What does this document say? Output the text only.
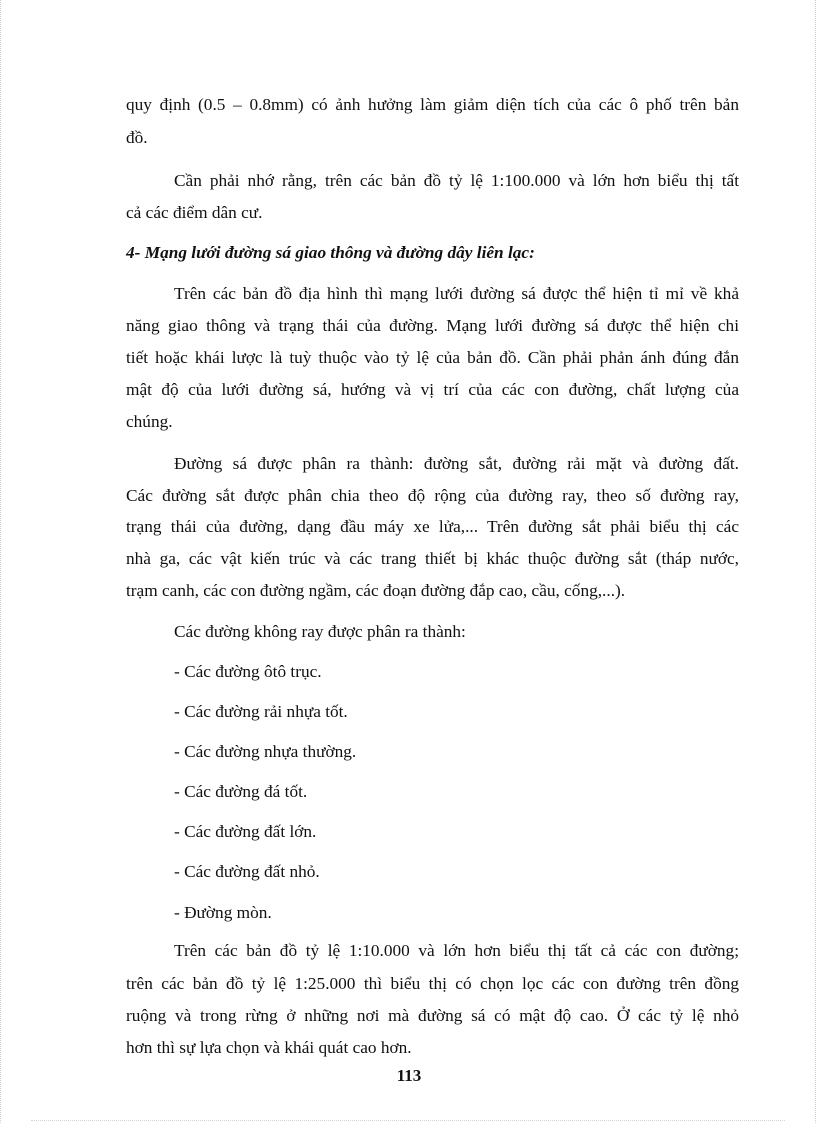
quy định (0.5 – 0.8mm) có ảnh hưởng làm giảm diện tích của các ô phố trên bản
đồ.
Cần phải nhớ rằng, trên các bản đồ tỷ lệ 1:100.000 và lớn hơn biểu thị tất
cả các điểm dân cư.
4- Mạng lưới đường sá giao thông và đường dây liên lạc:
Trên các bản đồ địa hình thì mạng lưới đường sá được thể hiện tỉ mỉ về khả
năng giao thông và trạng thái của đường. Mạng lưới đường sá được thể hiện chi
tiết hoặc khái lược là tuỳ thuộc vào tỷ lệ của bản đồ. Cần phải phản ánh đúng đắn
mật độ của lưới đường sá, hướng và vị trí của các con đường, chất lượng của
chúng.
Đường sá được phân ra thành: đường sắt, đường rải mặt và đường đất.
Các đường sắt được phân chia theo độ rộng của đường ray, theo số đường ray,
trạng thái của đường, dạng đầu máy xe lửa,... Trên đường sắt phải biểu thị các
nhà ga, các vật kiến trúc và các trang thiết bị khác thuộc đường sắt (tháp nước,
trạm canh, các con đường ngầm, các đoạn đường đắp cao, cầu, cống,...).
Các đường không ray được phân ra thành:
- Các đường ôtô trục.
- Các đường rải nhựa tốt.
- Các đường nhựa thường.
- Các đường đá tốt.
- Các đường đất lớn.
- Các đường đất nhỏ.
- Đường mòn.
Trên các bản đồ tỷ lệ 1:10.000 và lớn hơn biểu thị tất cả các con đường;
trên các bản đồ tỷ lệ 1:25.000 thì biểu thị có chọn lọc các con đường trên đồng
ruộng và trong rừng ở những nơi mà đường sá có mật độ cao. Ở các tỷ lệ nhỏ
hơn thì sự lựa chọn và khái quát cao hơn.
113
